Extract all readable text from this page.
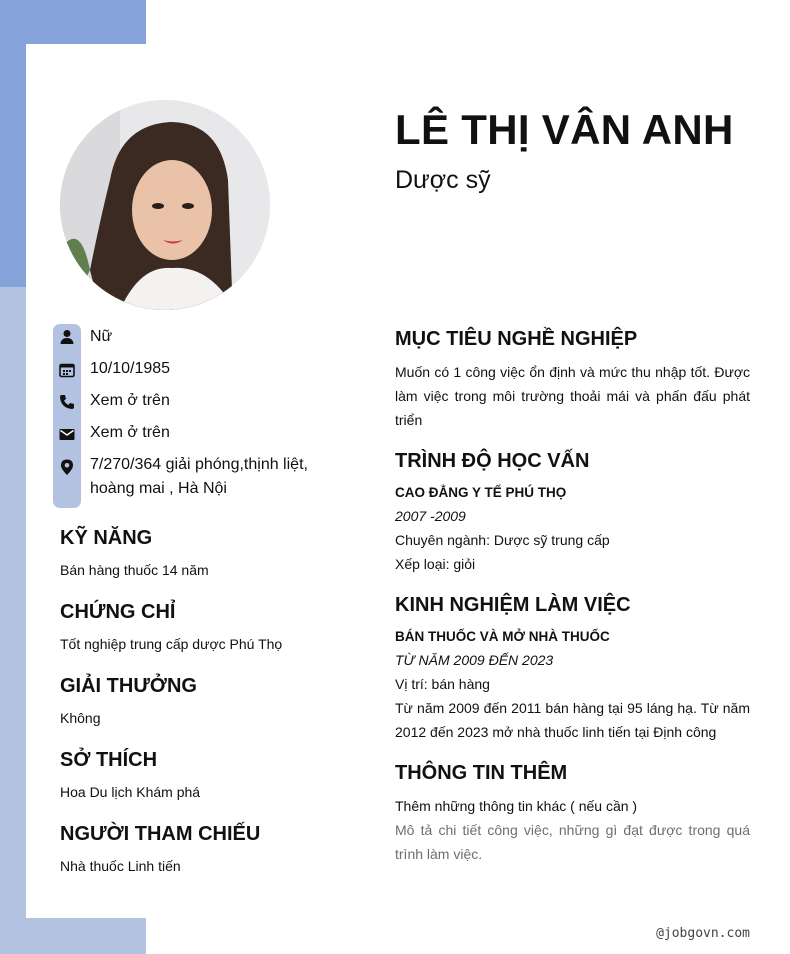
LÊ THỊ VÂN ANH
Dược sỹ
Nữ
10/10/1985
Xem ở trên
Xem ở trên
7/270/364 giải phóng,thịnh liệt, hoàng mai , Hà Nội
KỸ NĂNG
Bán hàng thuốc 14 năm
CHỨNG CHỈ
Tốt nghiệp trung cấp dược Phú Thọ
GIẢI THƯỞNG
Không
SỞ THÍCH
Hoa Du lịch Khám phá
NGƯỜI THAM CHIẾU
Nhà thuốc Linh tiến
MỤC TIÊU NGHỀ NGHIỆP
Muốn có 1 công việc ổn định và mức thu nhập tốt. Được làm việc trong môi trường thoải mái và phấn đấu phát triển
TRÌNH ĐỘ HỌC VẤN
CAO ĐẲNG Y TẾ PHÚ THỌ
2007 -2009
Chuyên ngành: Dược sỹ trung cấp
Xếp loại: giỏi
KINH NGHIỆM LÀM VIỆC
BÁN THUỐC VÀ MỞ NHÀ THUỐC
TỪ NĂM 2009 ĐẾN 2023
Vị trí: bán hàng
Từ năm 2009 đến 2011 bán hàng tại 95 láng hạ. Từ năm 2012 đến 2023 mở nhà thuốc linh tiến tại Định công
THÔNG TIN THÊM
Thêm những thông tin khác ( nếu cần )
Mô tả chi tiết công việc, những gì đạt được trong quá trình làm việc.
@jobgovn.com
